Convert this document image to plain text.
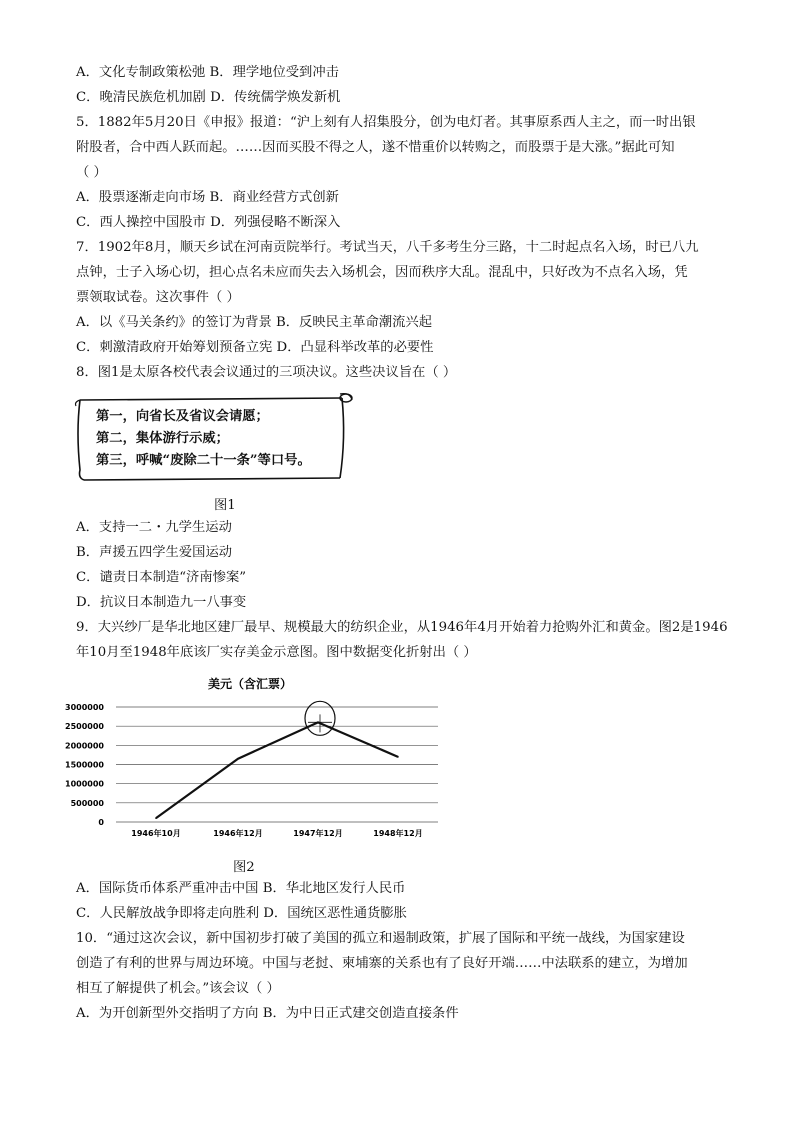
A．文化专制政策松弛 B．理学地位受到冲击
C．晚清民族危机加剧 D．传统儒学焕发新机
5．1882年5月20日《申报》报道：“沪上刻有人招集股分，创为电灯者。其事原系西人主之，而一时出银
附股者，合中西人跃而起。……因而买股不得之人，遂不惜重价以转购之，而股票于是大涨。”据此可知
（ ）
A．股票逐渐走向市场 B．商业经营方式创新
C．西人操控中国股市 D．列强侵略不断深入
7．1902年8月，顺天乡试在河南贡院举行。考试当天，八千多考生分三路，十二时起点名入场，时已八九
点钟，士子入场心切，担心点名未应而失去入场机会，因而秩序大乱。混乱中，只好改为不点名入场，凭
票领取试卷。这次事件（ ）
A．以《马关条约》的签订为背景 B．反映民主革命潮流兴起
C．刺激清政府开始筹划预备立宪 D．凸显科举改革的必要性
8．图1是太原各校代表会议通过的三项决议。这些决议旨在（ ）
第一，向省长及省议会请愿；
第二，集体游行示威；
第三，呼喊“废除二十一条”等口号。
图1
A．支持一二・九学生运动
B．声援五四学生爱国运动
C．谴责日本制造“济南惨案”
D．抗议日本制造九一八事变
9．大兴纱厂是华北地区建厂最早、规模最大的纺织企业，从1946年4月开始着力抢购外汇和黄金。图2是1946
年10月至1948年底该厂实存美金示意图。图中数据变化折射出（ ）
美元（含汇票）
3000000
2500000
2000000
1500000
1000000
500000
0
1946年10月	1946年12月	1947年12月	1948年12月
图2
A．国际货币体系严重冲击中国 B．华北地区发行人民币
C．人民解放战争即将走向胜利 D．国统区恶性通货膨胀
10．“通过这次会议，新中国初步打破了美国的孤立和遏制政策，扩展了国际和平统一战线，为国家建设
创造了有利的世界与周边环境。中国与老挝、柬埔寨的关系也有了良好开端……中法联系的建立，为增加
相互了解提供了机会。”该会议（ ）
A．为开创新型外交指明了方向 B．为中日正式建交创造直接条件
